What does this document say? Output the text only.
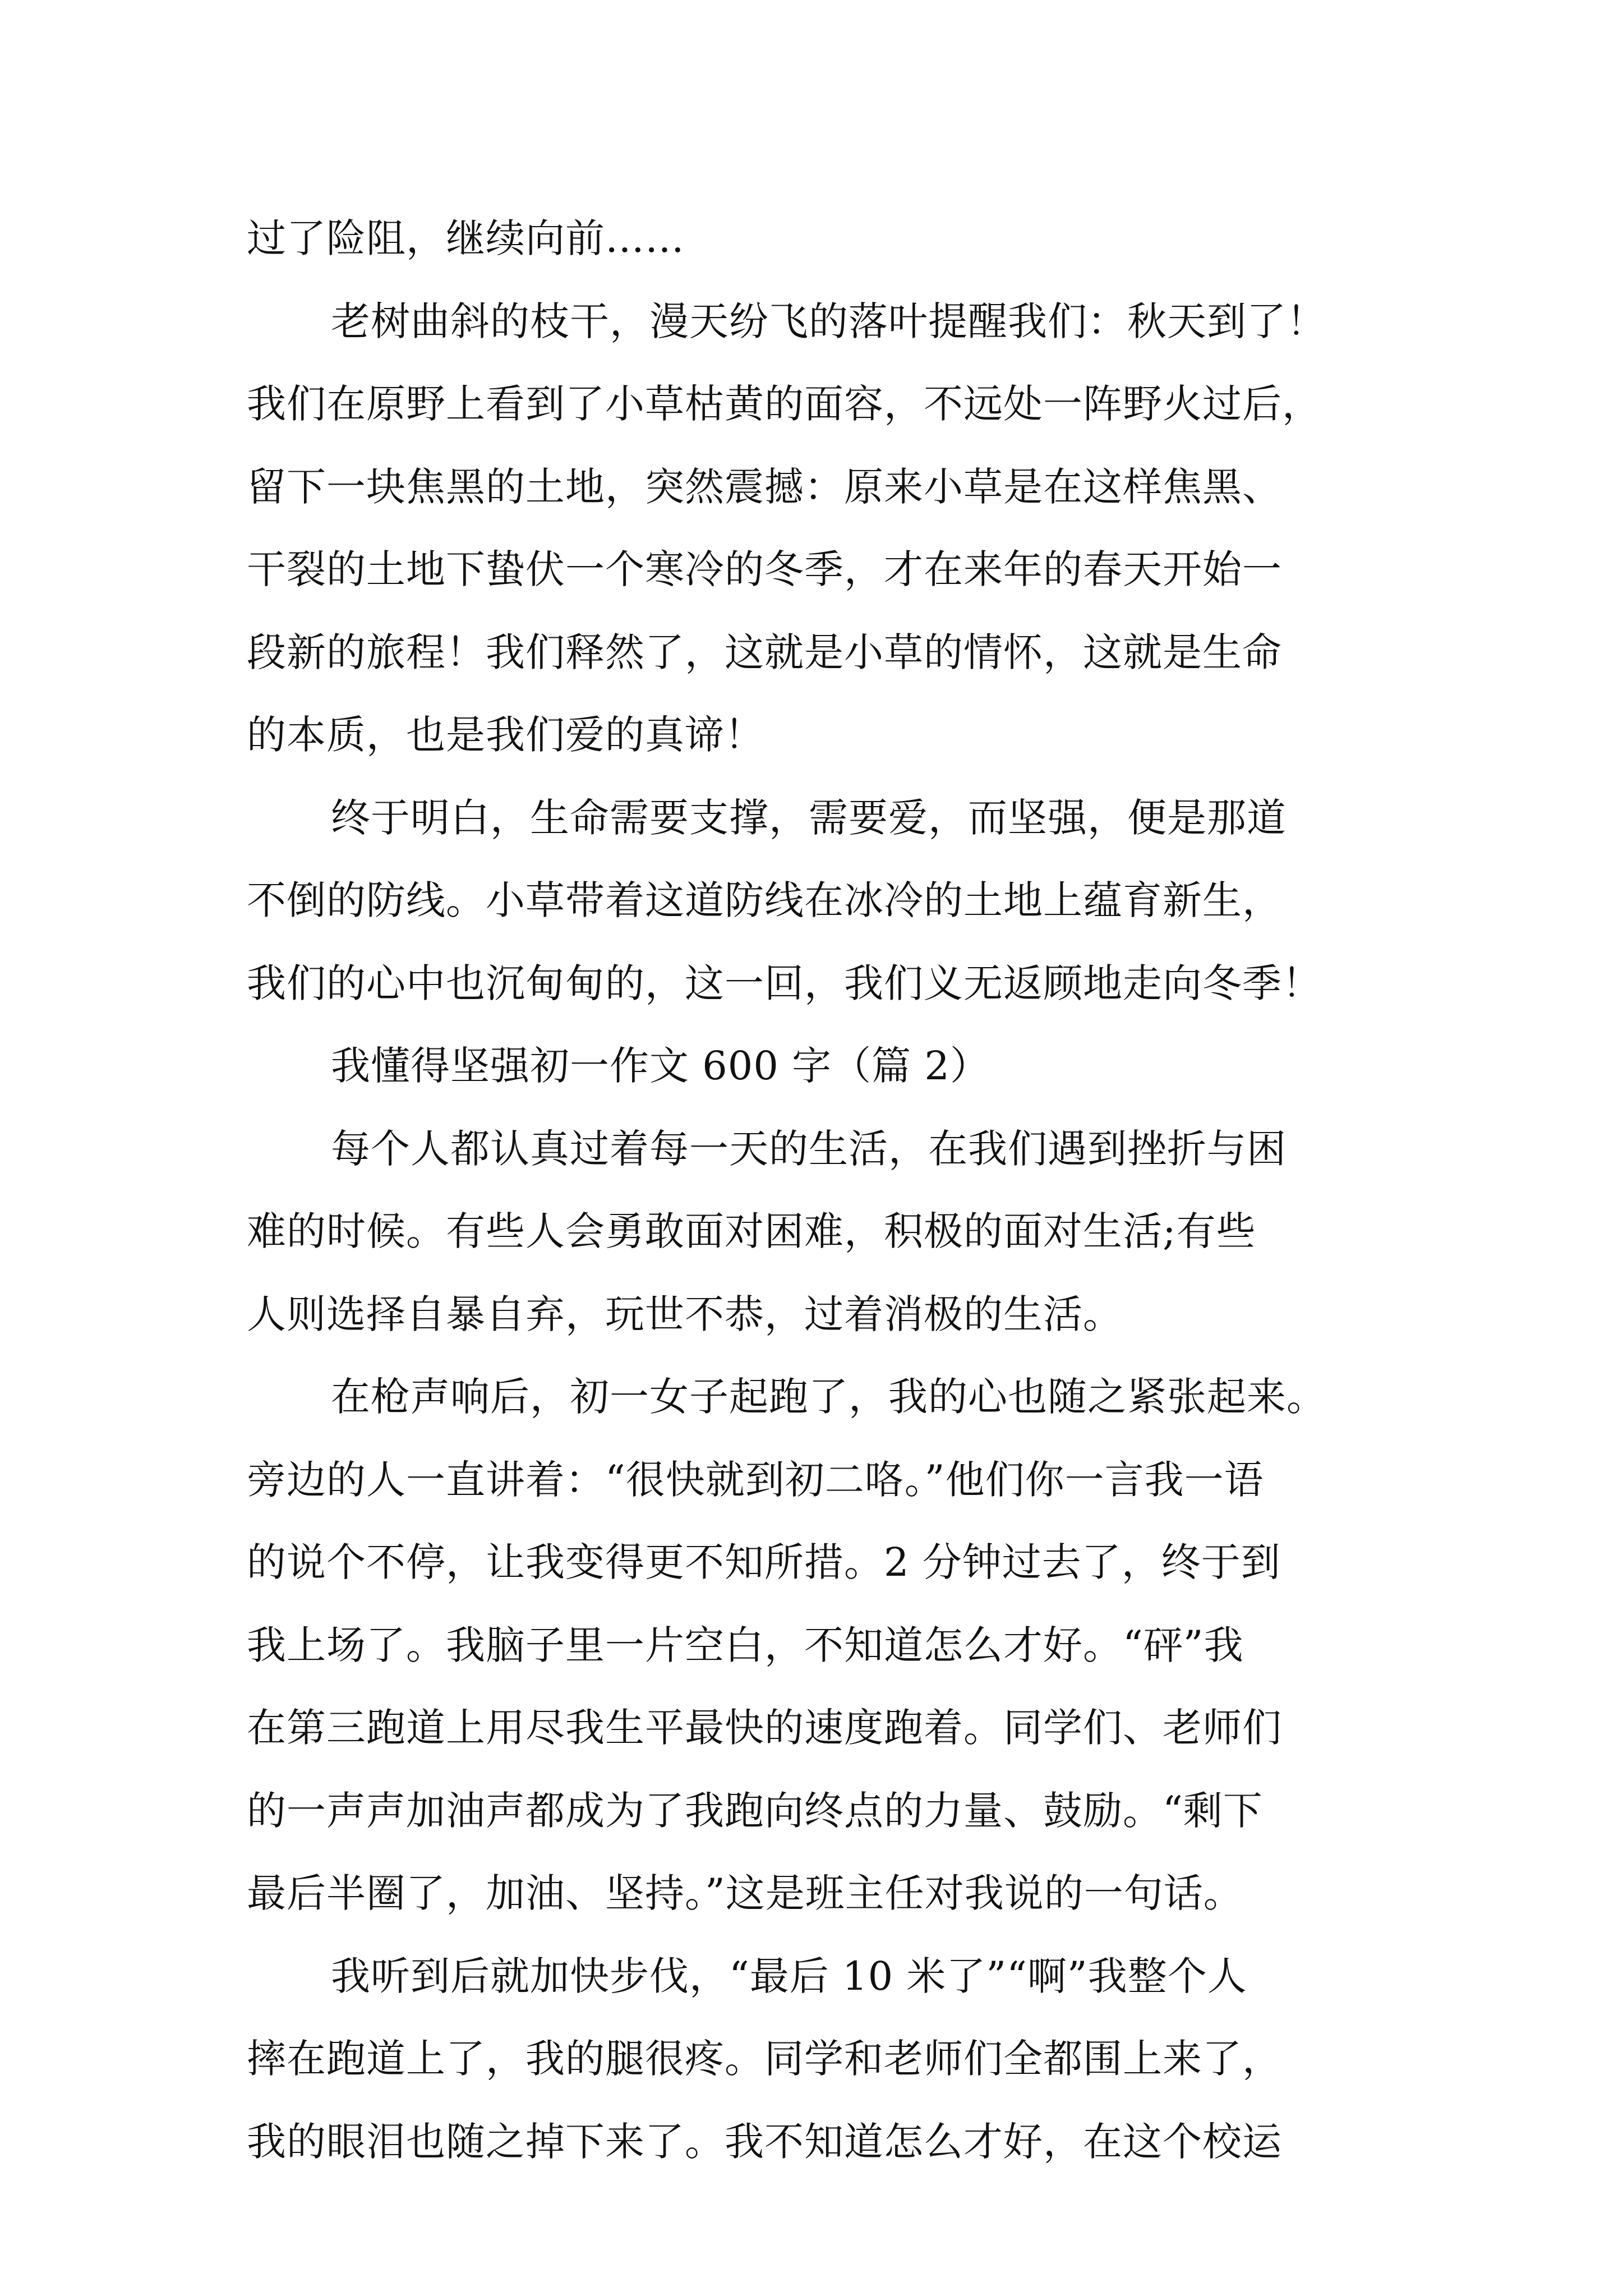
过了险阻，继续向前……
老树曲斜的枝干，漫天纷飞的落叶提醒我们：秋天到了！
我们在原野上看到了小草枯黄的面容，不远处一阵野火过后，
留下一块焦黑的土地，突然震撼：原来小草是在这样焦黑、
干裂的土地下蛰伏一个寒冷的冬季，才在来年的春天开始一
段新的旅程！我们释然了，这就是小草的情怀，这就是生命
的本质，也是我们爱的真谛！
终于明白，生命需要支撑，需要爱，而坚强，便是那道
不倒的防线。小草带着这道防线在冰冷的土地上蕴育新生，
我们的心中也沉甸甸的，这一回，我们义无返顾地走向冬季！
我懂得坚强初一作文 600 字（篇 2）
每个人都认真过着每一天的生活，在我们遇到挫折与困
难的时候。有些人会勇敢面对困难，积极的面对生活;有些
人则选择自暴自弃，玩世不恭，过着消极的生活。
在枪声响后，初一女子起跑了，我的心也随之紧张起来。
旁边的人一直讲着：“很快就到初二咯。”他们你一言我一语
的说个不停，让我变得更不知所措。2 分钟过去了，终于到
我上场了。我脑子里一片空白，不知道怎么才好。“砰”我
在第三跑道上用尽我生平最快的速度跑着。同学们、老师们
的一声声加油声都成为了我跑向终点的力量、鼓励。“剩下
最后半圈了，加油、坚持。”这是班主任对我说的一句话。
我听到后就加快步伐，“最后 10 米了”“啊”我整个人
摔在跑道上了，我的腿很疼。同学和老师们全都围上来了，
我的眼泪也随之掉下来了。我不知道怎么才好，在这个校运
